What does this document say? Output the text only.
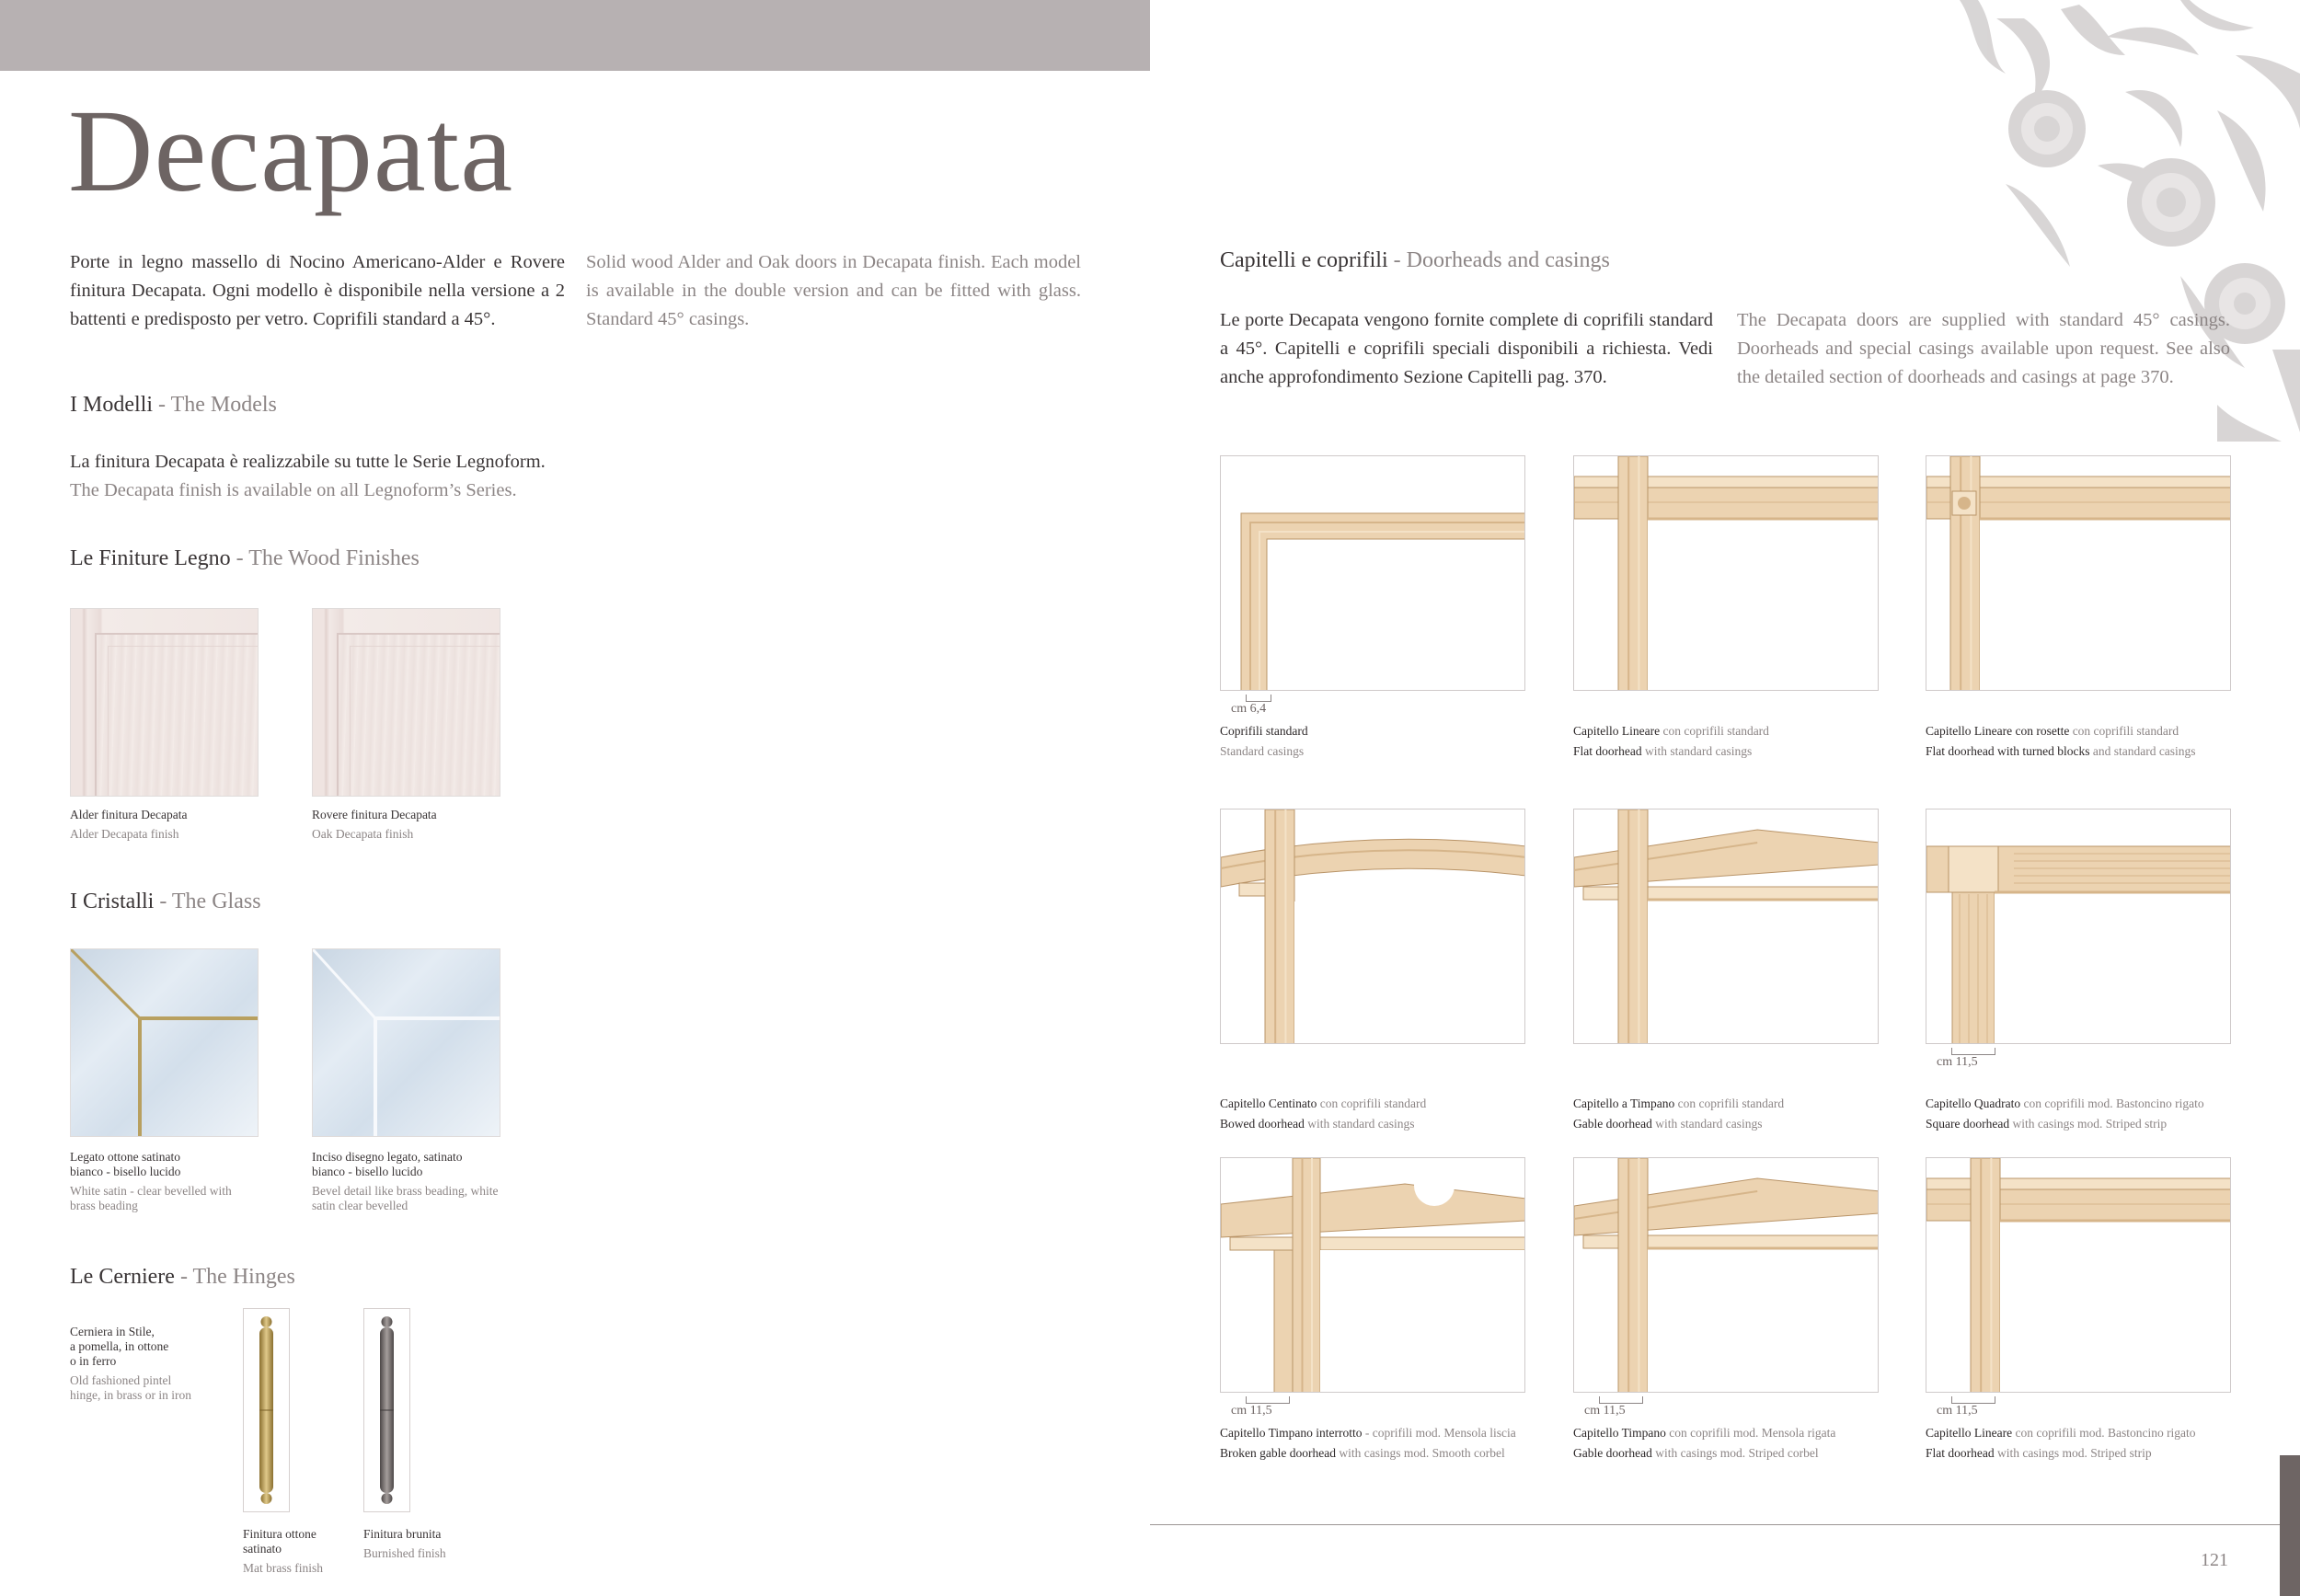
Decapata

Porte in legno massello di Nocino Americano-Alder e Rovere finitura Decapata. Ogni modello è disponibile nella versione a 2 battenti e predisposto per vetro. Coprifili standard a 45°.

Solid wood Alder and Oak doors in Decapata finish. Each model is available in the double version and can be fitted with glass. Standard 45° casings.

I Modelli - The Models
La finitura Decapata è realizzabile su tutte le Serie Legnoform.
The Decapata finish is available on all Legnoform’s Series.
Le Finiture Legno - The Wood Finishes
Alder finitura Decapata
Alder Decapata finish
Rovere finitura Decapata
Oak Decapata finish
I Cristalli - The Glass
Legato ottone satinato
bianco - bisello lucido
White satin - clear bevelled with
brass beading
Inciso disegno legato, satinato
bianco - bisello lucido
Bevel detail like brass beading, white
satin clear bevelled
Le Cerniere - The Hinges
Cerniera in Stile,
a pomella, in ottone
o in ferro
Old fashioned pintel
hinge, in brass or in iron
Finitura ottone
satinato
Mat brass finish
Finitura brunita
Burnished finish
Capitelli e coprifili - Doorheads and casings

Le porte Decapata vengono fornite complete di coprifili standard a 45°. Capitelli e coprifili speciali disponibili a richiesta. Vedi anche approfondimento Sezione Capitelli pag. 370.

The Decapata doors are supplied with standard 45° casings. Doorheads and special casings available upon request. See also the detailed section of doorheads and casings at page 370.

cm 6,4
Coprifili standard
Standard casings
Capitello Lineare con coprifili standard
Flat doorhead with standard casings
Capitello Lineare con rosette con coprifili standard
Flat doorhead with turned blocks and standard casings
Capitello Centinato con coprifili standard
Bowed doorhead with standard casings
Capitello a Timpano con coprifili standard
Gable doorhead with standard casings
cm 11,5
Capitello Quadrato con coprifili mod. Bastoncino rigato
Square doorhead with casings mod. Striped strip
cm 11,5
Capitello Timpano interrotto - coprifili mod. Mensola liscia
Broken gable doorhead with casings mod. Smooth corbel
cm 11,5
Capitello Timpano con coprifili mod. Mensola rigata
Gable doorhead with casings mod. Striped corbel
cm 11,5
Capitello Lineare con coprifili mod. Bastoncino rigato
Flat doorhead with casings mod. Striped strip
121
